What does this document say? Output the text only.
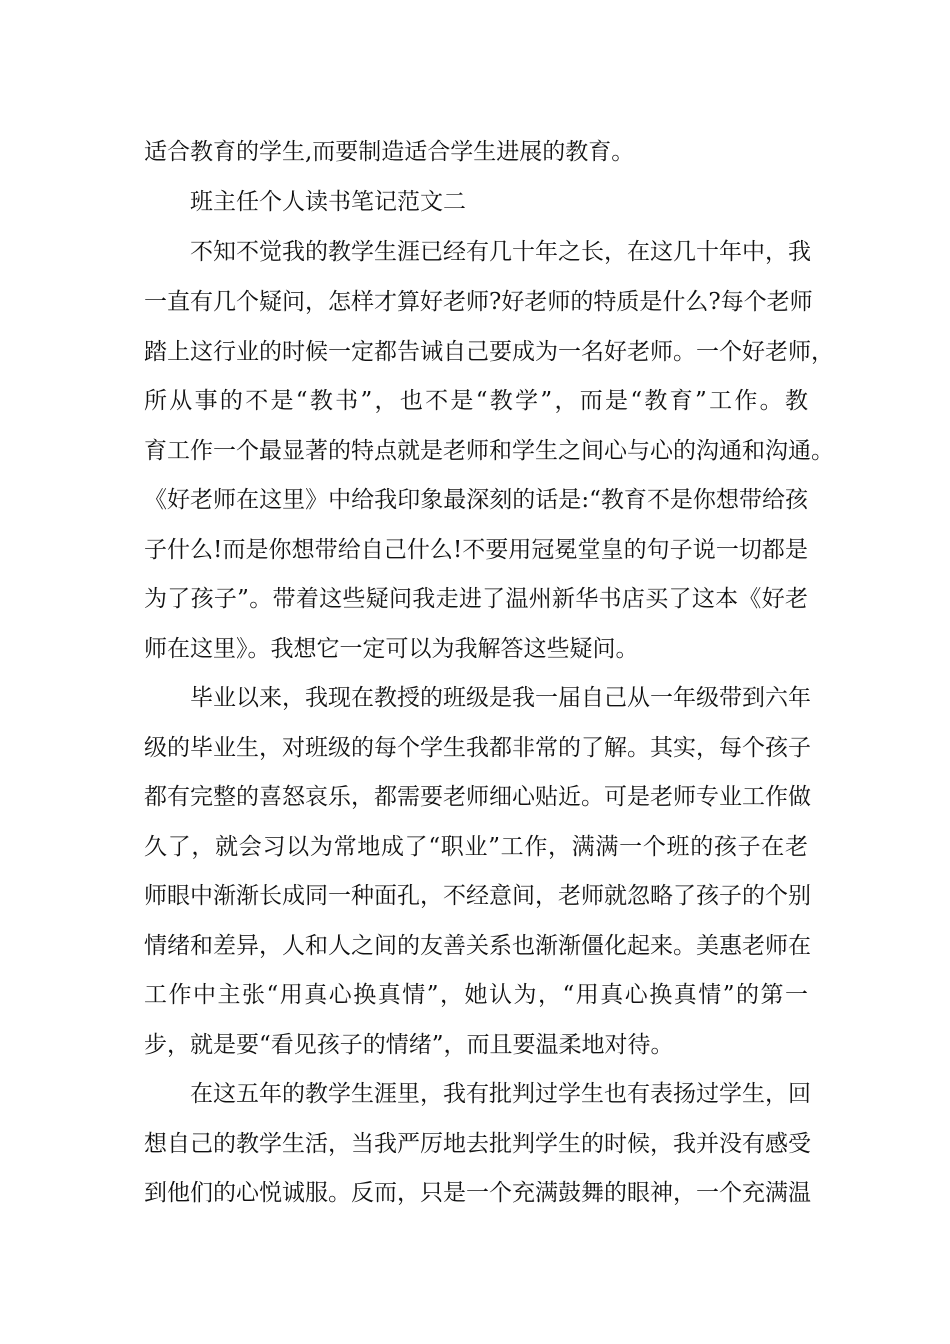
适合教育的学生,而要制造适合学生进展的教育。
班主任个人读书笔记范文二
不知不觉我的教学生涯已经有几十年之长，在这几十年中，我
一直有几个疑问，怎样才算好老师?好老师的特质是什么?每个老师
踏上这行业的时候一定都告诫自己要成为一名好老师。一个好老师，
所从事的不是“教书”，也不是“教学”，而是“教育”工作。教
育工作一个最显著的特点就是老师和学生之间心与心的沟通和沟通。
《好老师在这里》中给我印象最深刻的话是:“教育不是你想带给孩
子什么!而是你想带给自己什么!不要用冠冕堂皇的句子说一切都是
为了孩子”。带着这些疑问我走进了温州新华书店买了这本《好老
师在这里》。我想它一定可以为我解答这些疑问。
毕业以来，我现在教授的班级是我一届自己从一年级带到六年
级的毕业生，对班级的每个学生我都非常的了解。其实，每个孩子
都有完整的喜怒哀乐，都需要老师细心贴近。可是老师专业工作做
久了，就会习以为常地成了“职业”工作，满满一个班的孩子在老
师眼中渐渐长成同一种面孔，不经意间，老师就忽略了孩子的个别
情绪和差异，人和人之间的友善关系也渐渐僵化起来。美惠老师在
工作中主张“用真心换真情”，她认为，“用真心换真情”的第一
步，就是要“看见孩子的情绪”，而且要温柔地对待。
在这五年的教学生涯里，我有批判过学生也有表扬过学生，回
想自己的教学生活，当我严厉地去批判学生的时候，我并没有感受
到他们的心悦诚服。反而，只是一个充满鼓舞的眼神，一个充满温
